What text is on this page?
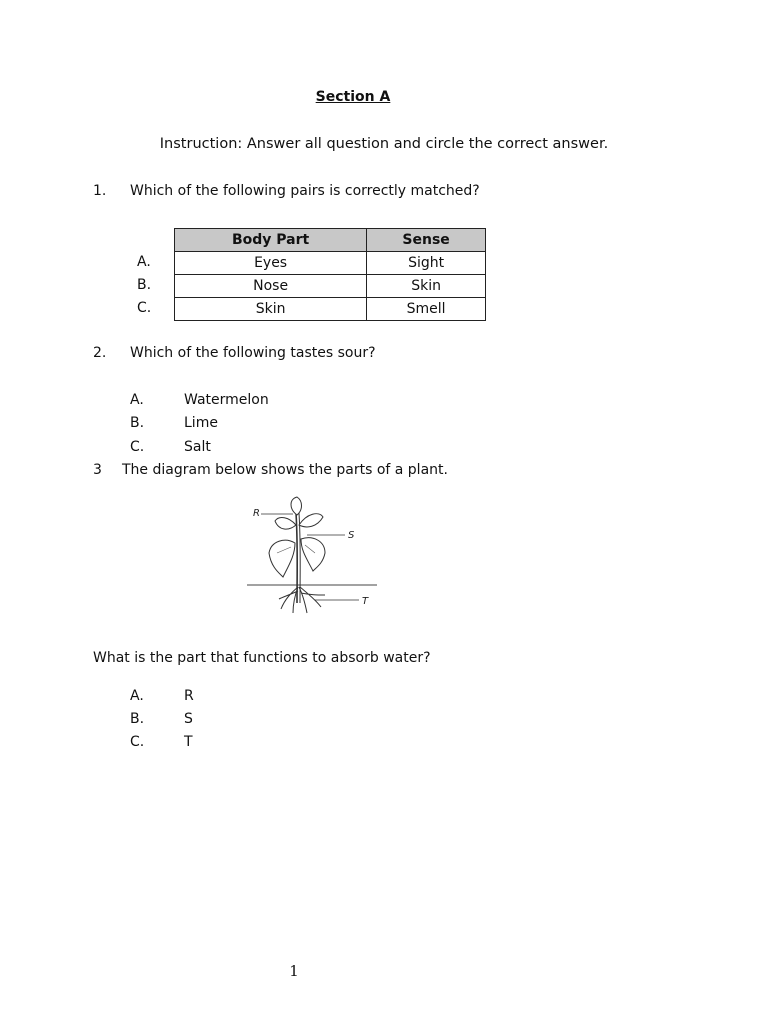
Section A
Instruction: Answer all question and circle the correct answer.
1. Which of the following pairs is correctly matched?
Body Part	Sense
Eyes	Sight
Nose	Skin
Skin	Smell
A.
B.
C.
2. Which of the following tastes sour?
A.	Watermelon
B.	Lime
C.	Salt
3 The diagram below shows the parts of a plant.
R
S
T
What is the part that functions to absorb water?
A.	R
B.	S
C.	T
1
